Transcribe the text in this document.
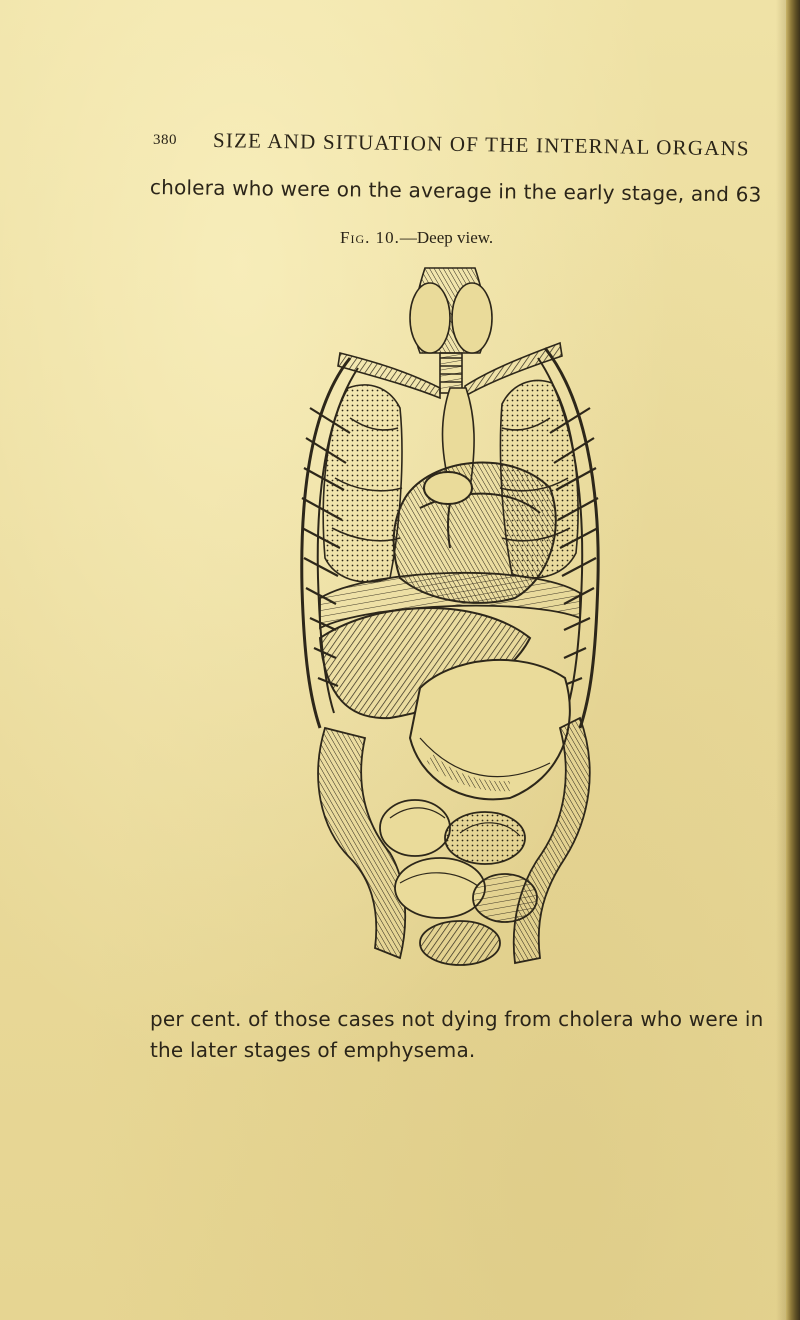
380 SIZE AND SITUATION OF THE INTERNAL ORGANS
cholera who were on the average in the early stage, and 63
Fig. 10.—Deep view.
per cent. of those cases not dying from cholera who were in
the later stages of emphysema.
